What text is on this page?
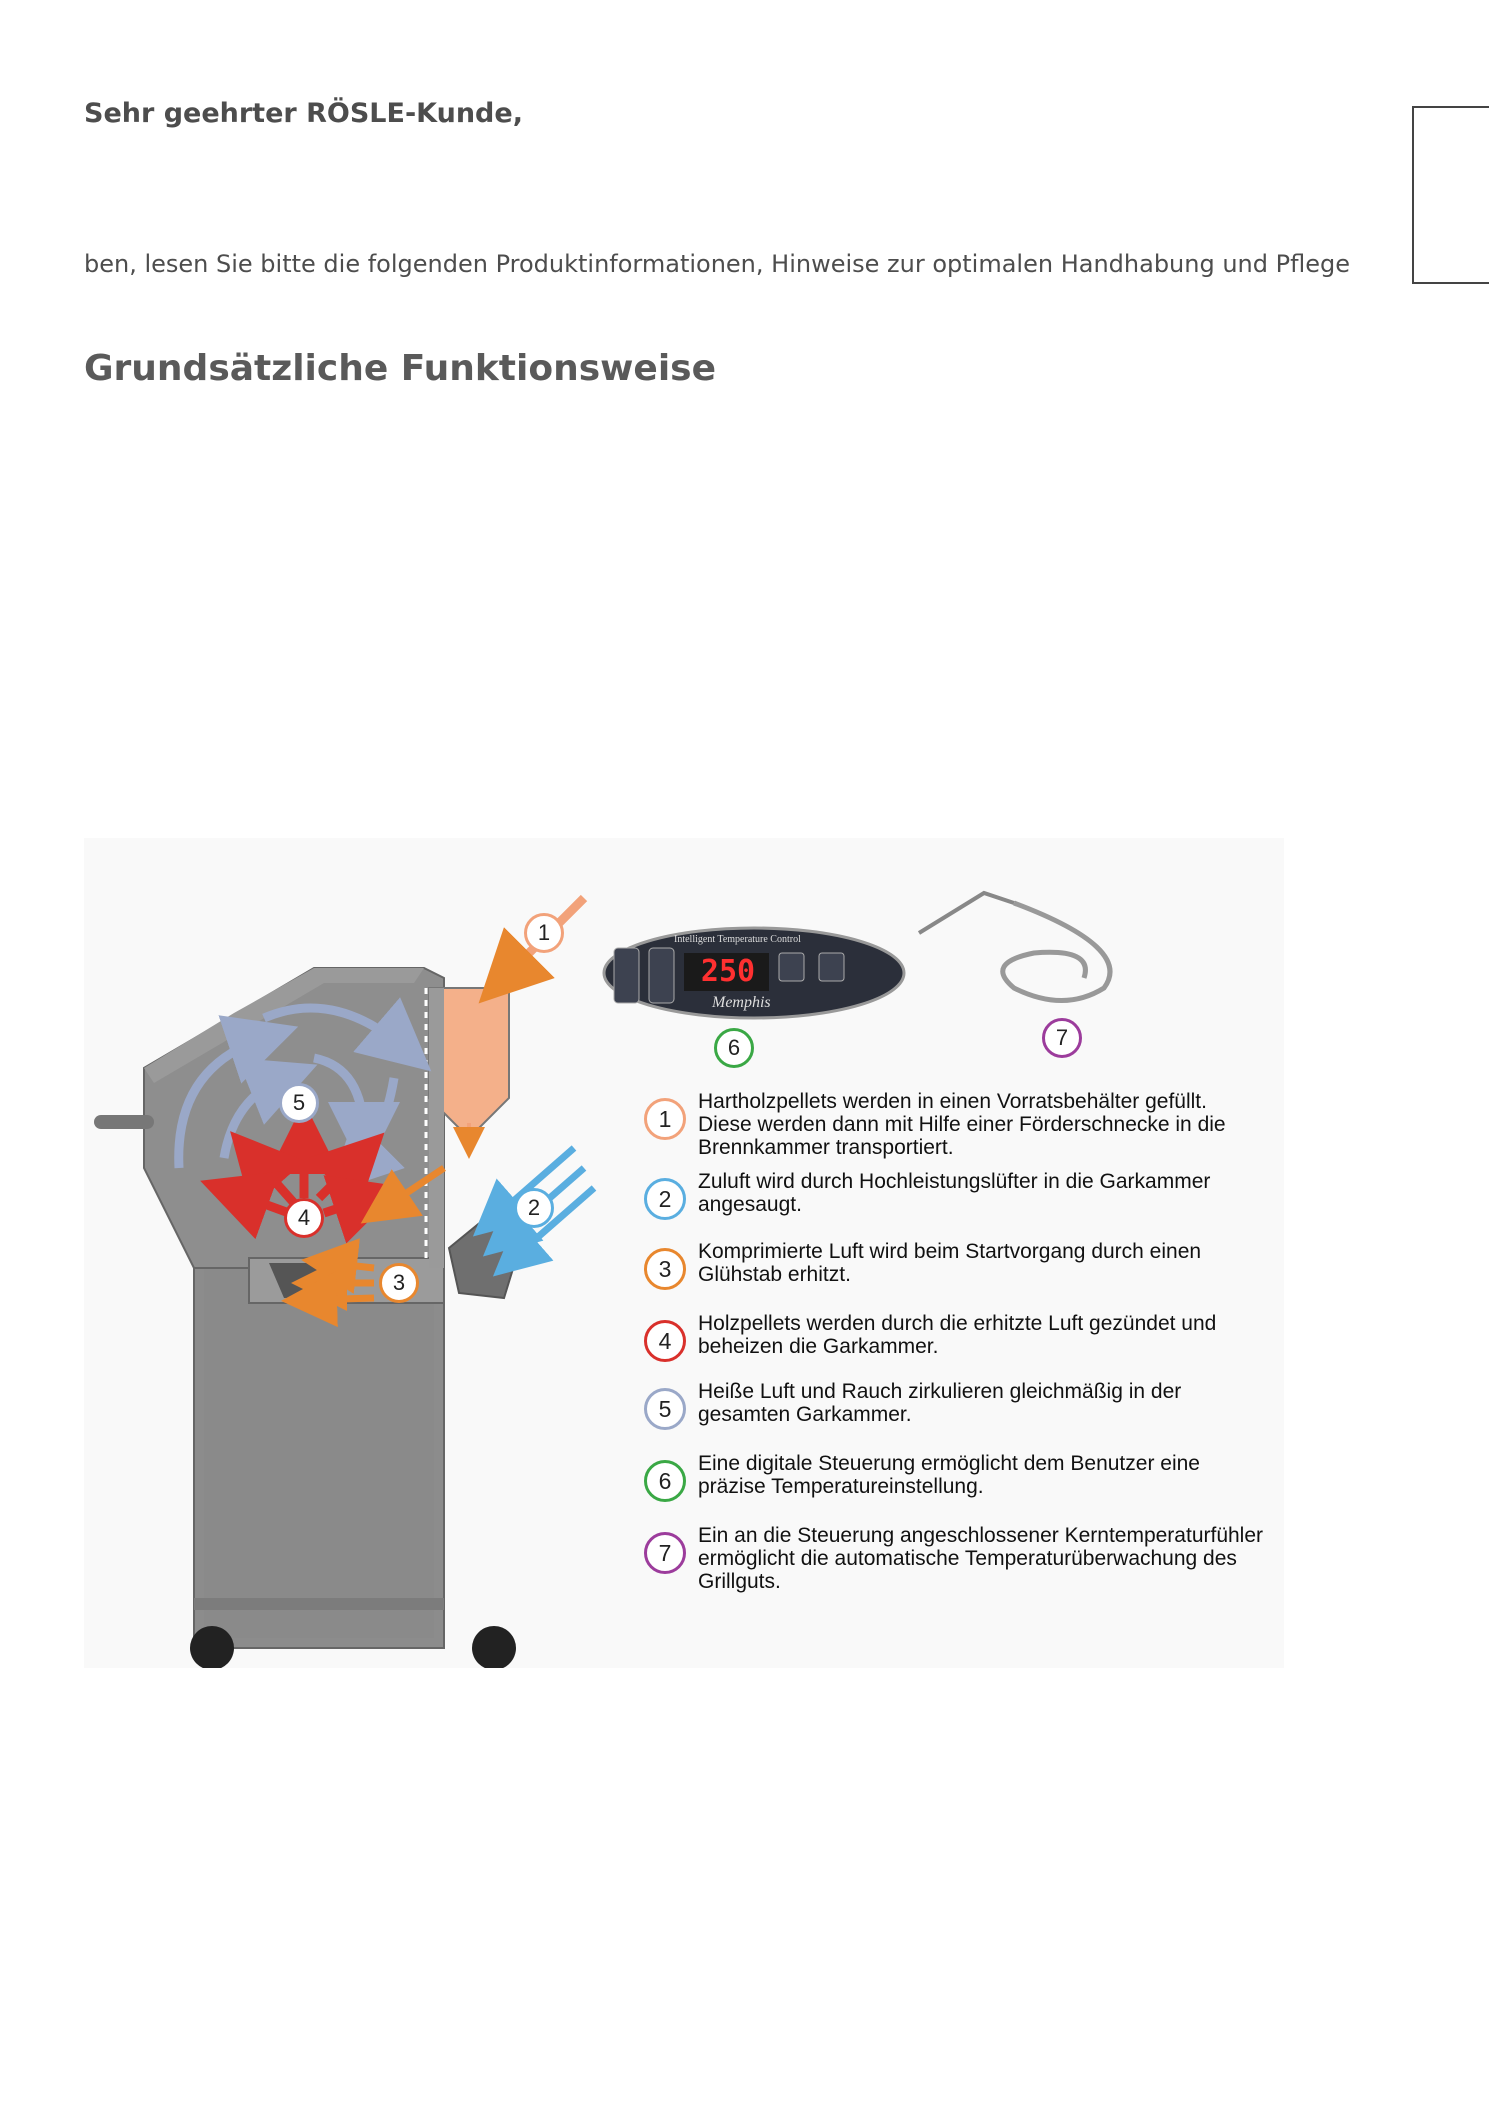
Sehr geehrter RÖSLE-Kunde,
ben, lesen Sie bitte die folgenden Produktinformationen, Hinweise zur optimalen Handhabung und Pflege
Grundsätzliche Funktionsweise
250
Memphis
Intelligent Temperature Control
1
2
3
4
5
6	7
1
Hartholzpellets werden in einen Vorratsbehälter gefüllt. Diese werden dann mit Hilfe einer Förderschnecke in die Brennkammer transportiert.
2
Zuluft wird durch Hochleistungslüfter in die Garkammer angesaugt.
3
Komprimierte Luft wird beim Startvorgang durch einen Glühstab erhitzt.
4
Holzpellets werden durch die erhitzte Luft gezündet und beheizen die Garkammer.
5
Heiße Luft und Rauch zirkulieren gleichmäßig in der gesamten Garkammer.
6
Eine digitale Steuerung ermöglicht dem Benutzer eine präzise Temperatureinstellung.
7
Ein an die Steuerung angeschlossener Kerntemperaturfühler ermöglicht die automatische Temperaturüberwachung des Grillguts.
